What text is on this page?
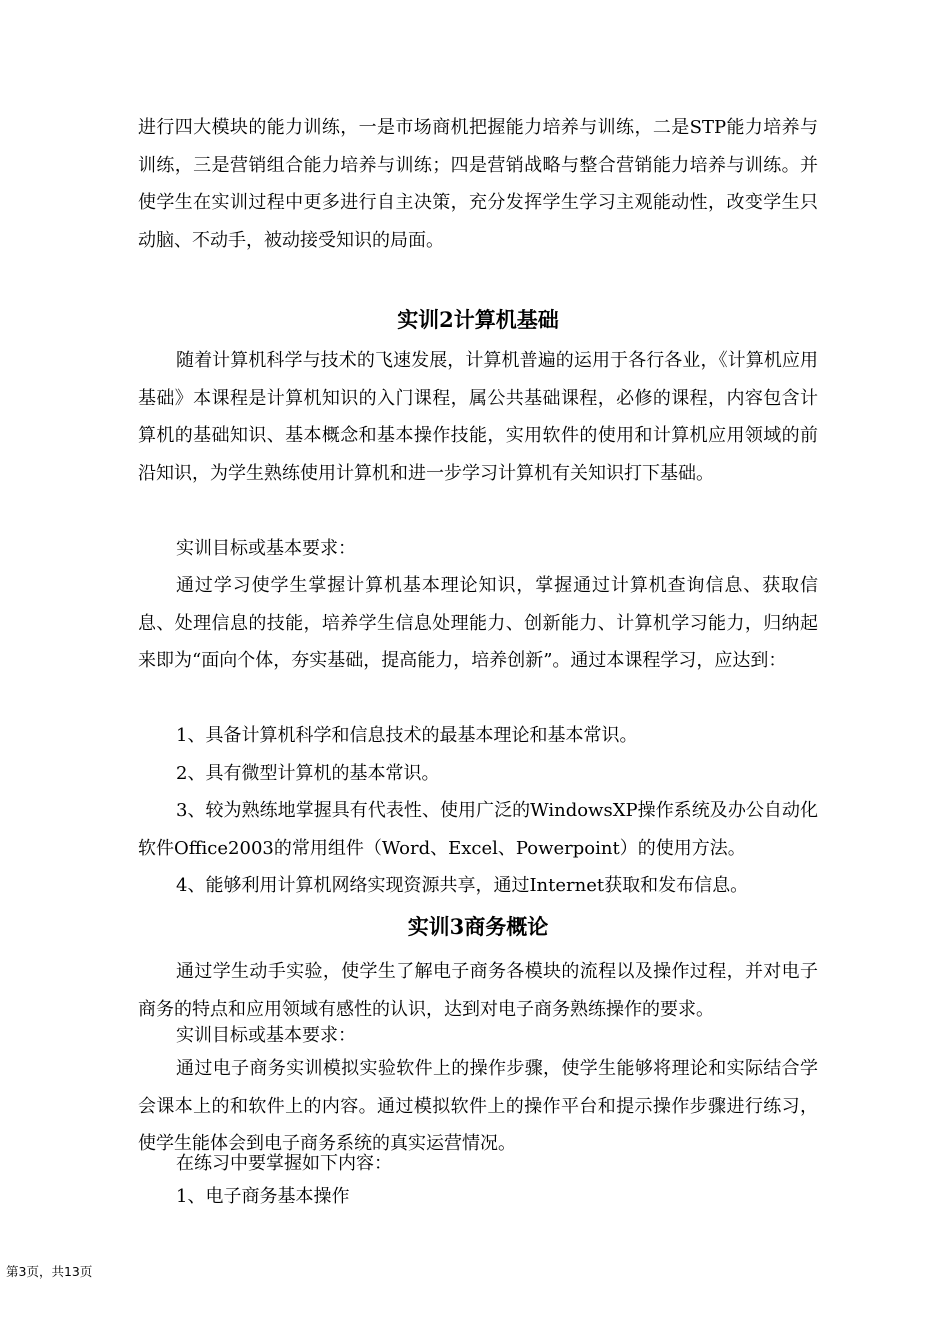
进行四大模块的能力训练，一是市场商机把握能力培养与训练，二是STP能力培养与训练，三是营销组合能力培养与训练；四是营销战略与整合营销能力培养与训练。并使学生在实训过程中更多进行自主决策，充分发挥学生学习主观能动性，改变学生只动脑、不动手，被动接受知识的局面。

实训2计算机基础

随着计算机科学与技术的飞速发展，计算机普遍的运用于各行各业，《计算机应用基础》本课程是计算机知识的入门课程，属公共基础课程，必修的课程，内容包含计算机的基础知识、基本概念和基本操作技能，实用软件的使用和计算机应用领域的前沿知识，为学生熟练使用计算机和进一步学习计算机有关知识打下基础。

实训目标或基本要求：

通过学习使学生掌握计算机基本理论知识，掌握通过计算机查询信息、获取信息、处理信息的技能，培养学生信息处理能力、创新能力、计算机学习能力，归纳起来即为“面向个体，夯实基础，提高能力，培养创新”。通过本课程学习，应达到：

1、具备计算机科学和信息技术的最基本理论和基本常识。

2、具有微型计算机的基本常识。

3、较为熟练地掌握具有代表性、使用广泛的WindowsXP操作系统及办公自动化软件Office2003的常用组件（Word、Excel、Powerpoint）的使用方法。

4、能够利用计算机网络实现资源共享，通过Internet获取和发布信息。

实训3商务概论

通过学生动手实验，使学生了解电子商务各模块的流程以及操作过程，并对电子商务的特点和应用领域有感性的认识，达到对电子商务熟练操作的要求。

实训目标或基本要求：

通过电子商务实训模拟实验软件上的操作步骤，使学生能够将理论和实际结合学会课本上的和软件上的内容。通过模拟软件上的操作平台和提示操作步骤进行练习，使学生能体会到电子商务系统的真实运营情况。

在练习中要掌握如下内容：

1、电子商务基本操作

第3页，共13页
